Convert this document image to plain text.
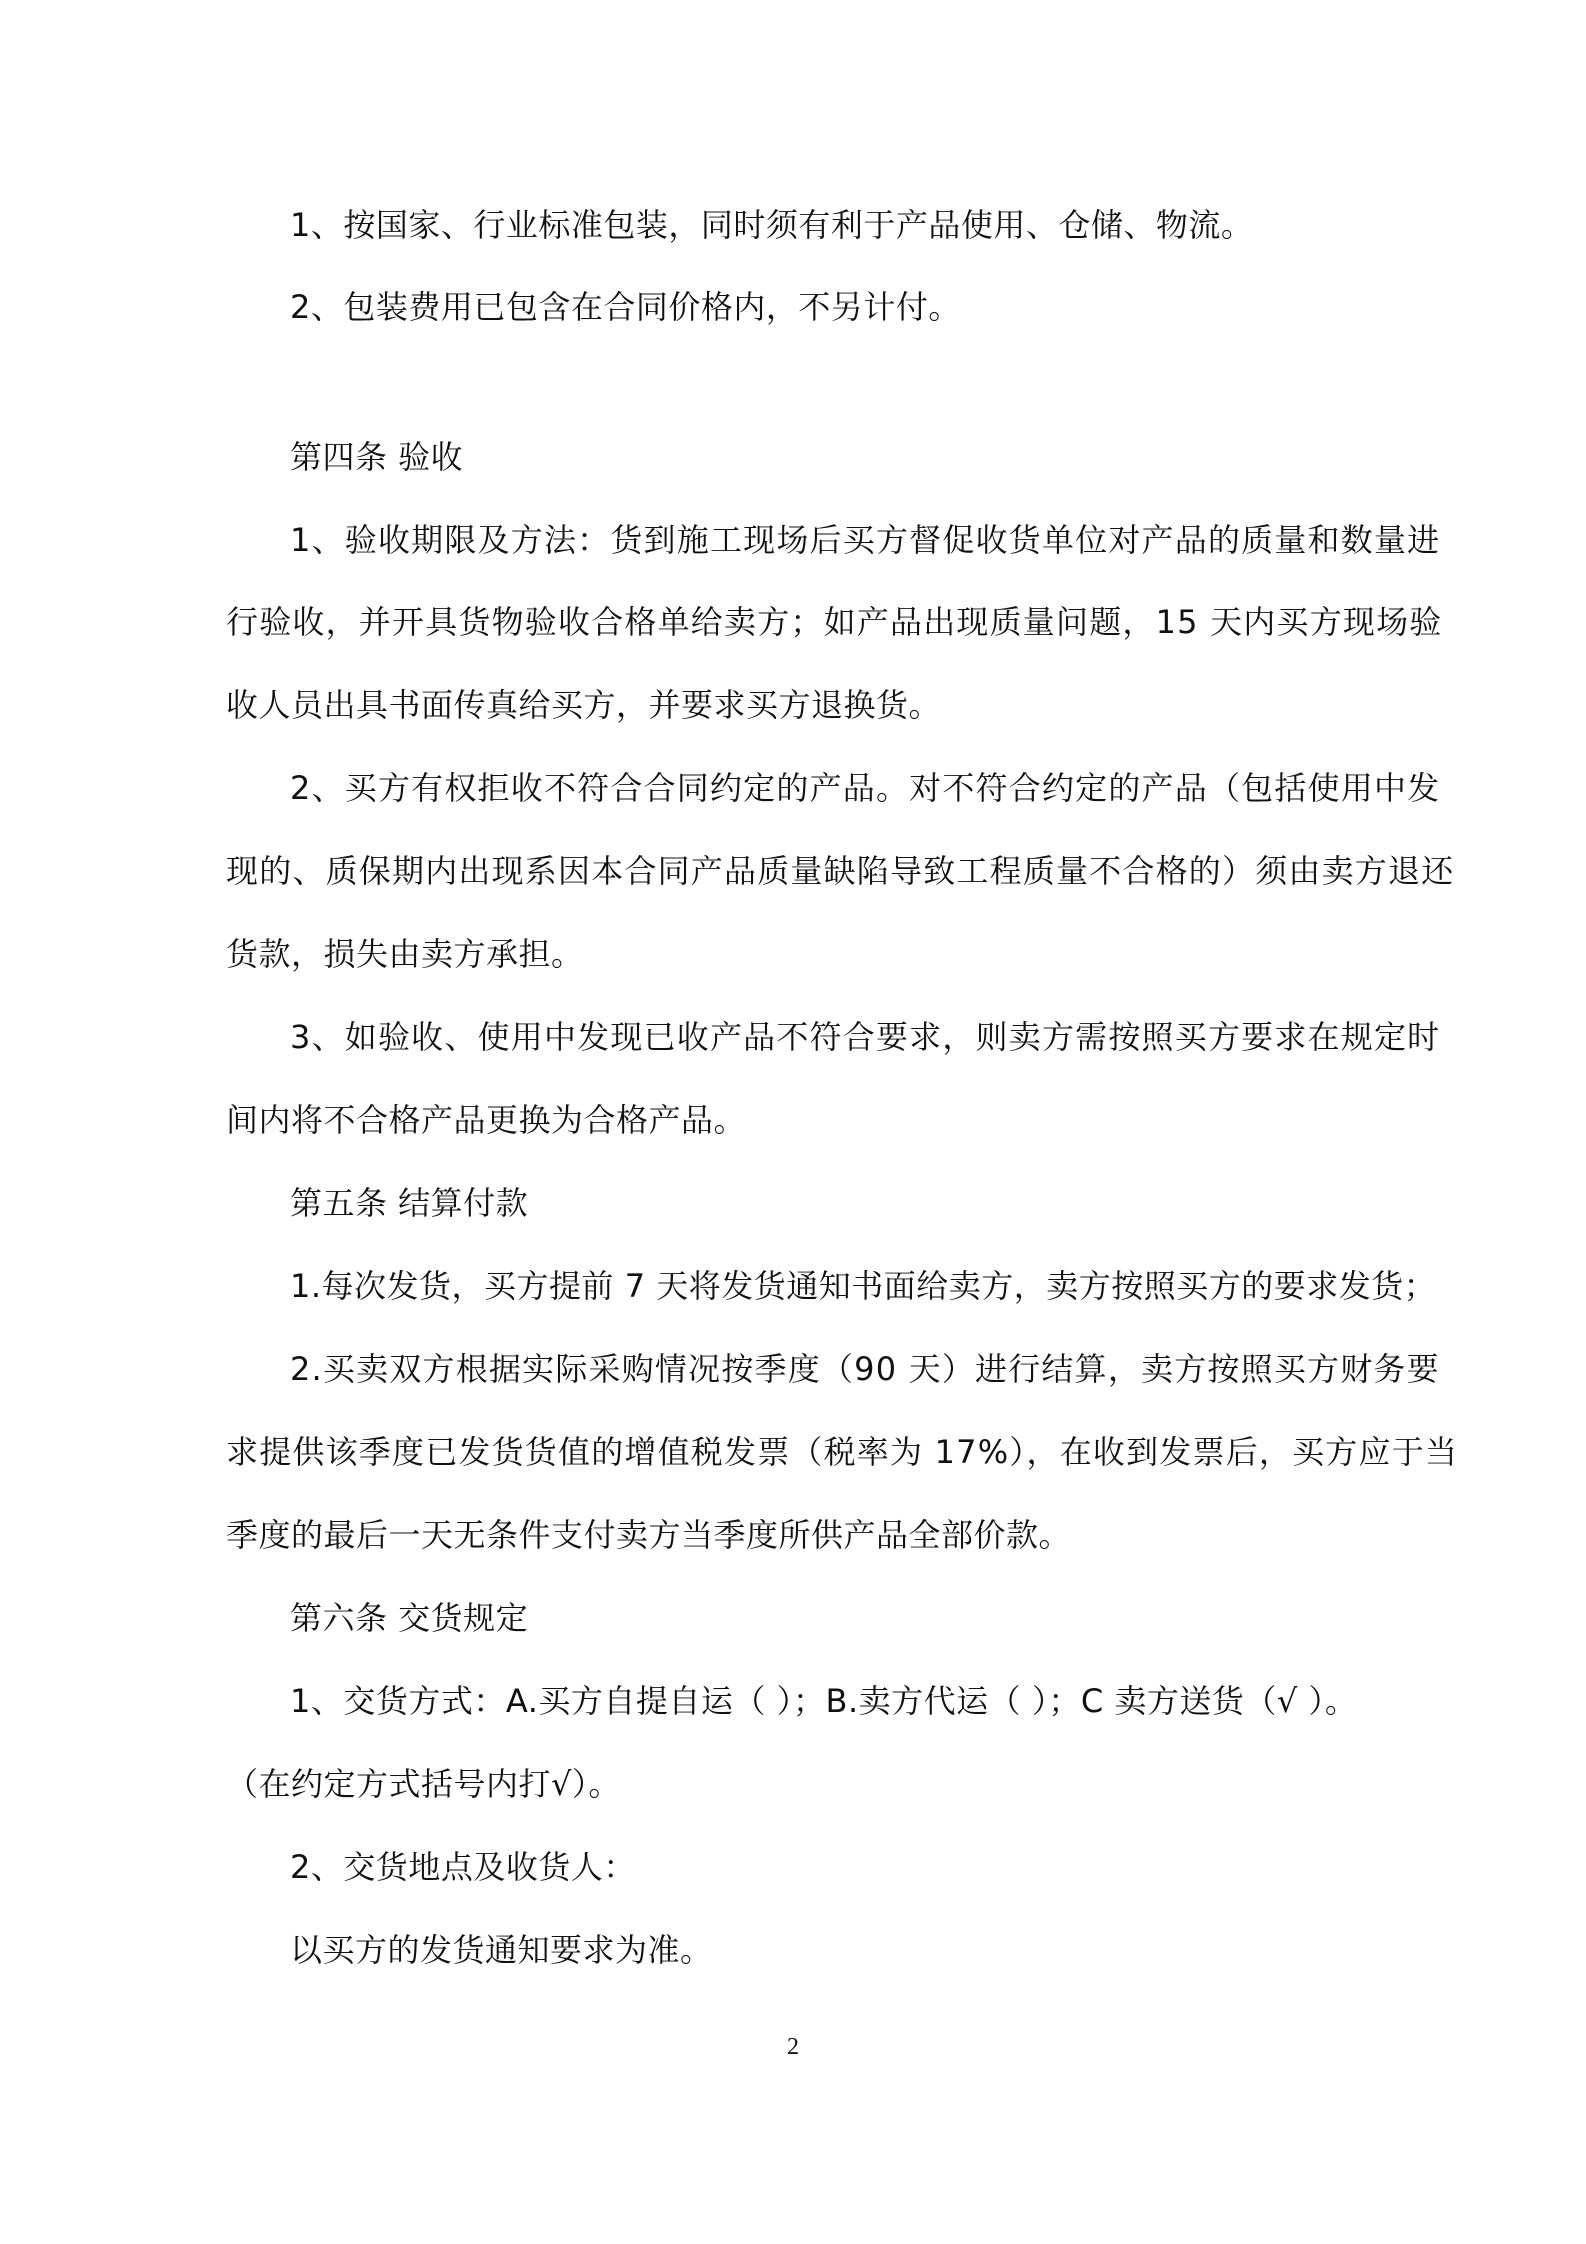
1、按国家、行业标准包装，同时须有利于产品使用、仓储、物流。
2、包装费用已包含在合同价格内，不另计付。
第四条 验收
1、验收期限及方法：货到施工现场后买方督促收货单位对产品的质量和数量进
行验收，并开具货物验收合格单给卖方；如产品出现质量问题，15 天内买方现场验
收人员出具书面传真给买方，并要求买方退换货。
2、买方有权拒收不符合合同约定的产品。对不符合约定的产品（包括使用中发
现的、质保期内出现系因本合同产品质量缺陷导致工程质量不合格的）须由卖方退还
货款，损失由卖方承担。
3、如验收、使用中发现已收产品不符合要求，则卖方需按照买方要求在规定时
间内将不合格产品更换为合格产品。
第五条 结算付款
1.每次发货，买方提前 7 天将发货通知书面给卖方，卖方按照买方的要求发货；
2.买卖双方根据实际采购情况按季度（90 天）进行结算，卖方按照买方财务要
求提供该季度已发货货值的增值税发票（税率为 17%），在收到发票后，买方应于当
季度的最后一天无条件支付卖方当季度所供产品全部价款。
第六条 交货规定
1、交货方式：A.买方自提自运（ ）；B.卖方代运（ ）；C 卖方送货（√ ）。
（在约定方式括号内打√）。
2、交货地点及收货人：
以买方的发货通知要求为准。
2
